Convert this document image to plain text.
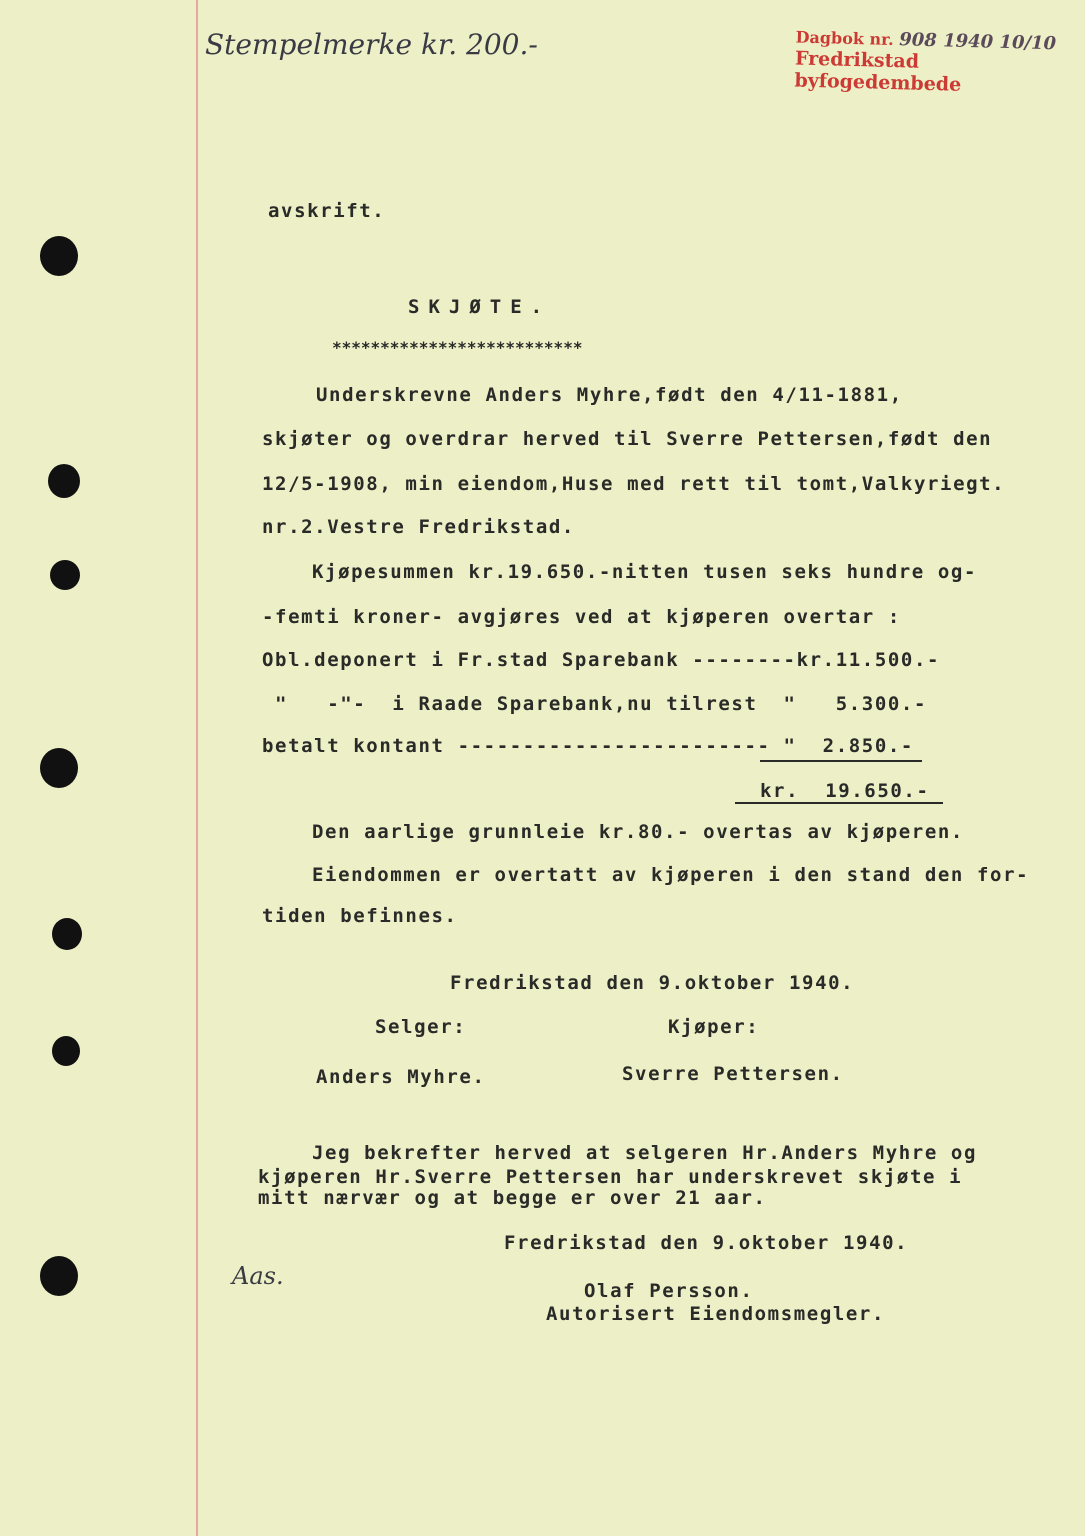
Stempelmerke kr. 200.-	Dagbok nr. 908 1940 10/10
Fredrikstad byfogedembede
avskrift.
SKJØTE.
**************************
Underskrevne Anders Myhre,født den 4/11-1881,
skjøter og overdrar herved til Sverre Pettersen,født den
12/5-1908, min eiendom,Huse med rett til tomt,Valkyriegt.
nr.2.Vestre Fredrikstad.
Kjøpesummen kr.19.650.-nitten tusen seks hundre og-
-femti kroner- avgjøres ved at kjøperen overtar :
Obl.deponert i Fr.stad Sparebank --------kr.11.500.-
"   -"-  i Raade Sparebank,nu tilrest  "   5.300.-
betalt kontant ------------------------ "  2.850.-
kr.  19.650.-
Den aarlige grunnleie kr.80.- overtas av kjøperen.
Eiendommen er overtatt av kjøperen i den stand den for-
tiden befinnes.
Fredrikstad den 9.oktober 1940.
Selger:	Kjøper:
Anders Myhre.	Sverre Pettersen.
Jeg bekrefter herved at selgeren Hr.Anders Myhre og
kjøperen Hr.Sverre Pettersen har underskrevet skjøte i
mitt nærvær og at begge er over 21 aar.
Fredrikstad den 9.oktober 1940.
Aas.
Olaf Persson.
Autorisert Eiendomsmegler.
